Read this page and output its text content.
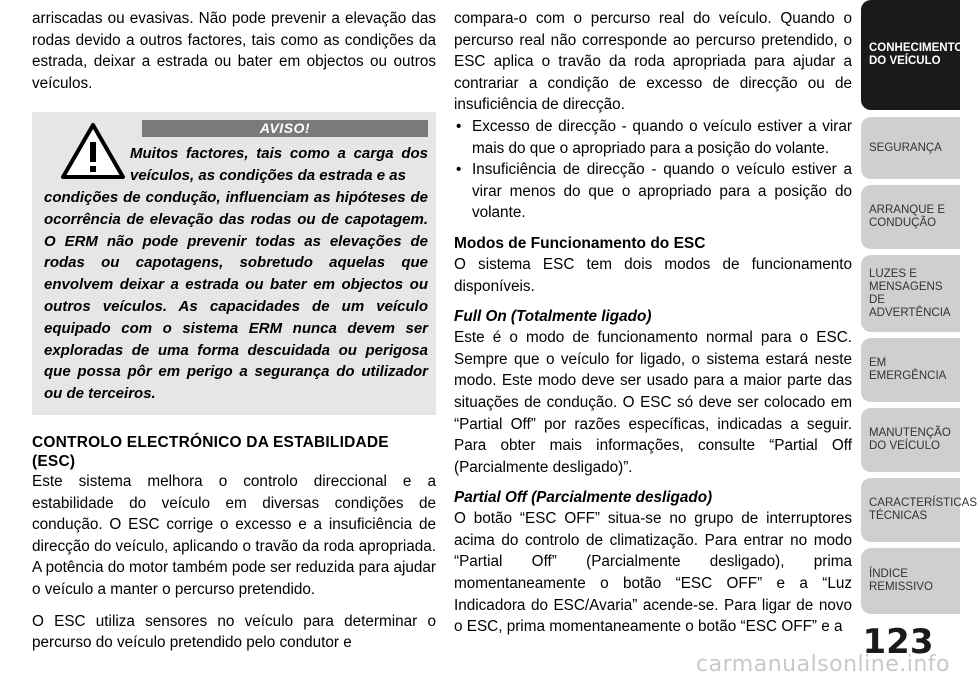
arriscadas ou evasivas. Não pode prevenir a elevação das rodas devido a outros factores, tais como as condições da estrada, deixar a estrada ou bater em objectos ou outros veículos.

AVISO!
Muitos factores, tais como a carga dos veículos, as condições da estrada e as
condições de condução, influenciam as hipóteses de ocorrência de elevação das rodas ou de capotagem. O ERM não pode prevenir todas as elevações de rodas ou capotagens, sobretudo aquelas que envolvem deixar a estrada ou bater em objectos ou outros veículos. As capacidades de um veículo equipado com o sistema ERM nunca devem ser exploradas de uma forma descuidada ou perigosa que possa pôr em perigo a segurança do utilizador ou de terceiros.
CONTROLO ELECTRÓNICO DA ESTABILIDADE (ESC)

Este sistema melhora o controlo direccional e a estabilidade do veículo em diversas condições de condução. O ESC corrige o excesso e a insuficiência de direcção do veículo, aplicando o travão da roda apropriada. A potência do motor também pode ser reduzida para ajudar o veículo a manter o percurso pretendido.

O ESC utiliza sensores no veículo para determinar o percurso do veículo pretendido pelo condutor e

compara-o com o percurso real do veículo. Quando o percurso real não corresponde ao percurso pretendido, o ESC aplica o travão da roda apropriada para ajudar a contrariar a condição de excesso de direcção ou de insuficiência de direcção.

• Excesso de direcção - quando o veículo estiver a virar mais do que o apropriado para a posição do volante.
• Insuficiência de direcção - quando o veículo estiver a virar menos do que o apropriado para a posição do volante.
Modos de Funcionamento do ESC

O sistema ESC tem dois modos de funcionamento disponíveis.

Full On (Totalmente ligado)

Este é o modo de funcionamento normal para o ESC. Sempre que o veículo for ligado, o sistema estará neste modo. Este modo deve ser usado para a maior parte das situações de condução. O ESC só deve ser colocado em “Partial Off” por razões específicas, indicadas a seguir. Para obter mais informações, consulte “Partial Off (Parcialmente desligado)”.

Partial Off (Parcialmente desligado)

O botão “ESC OFF” situa-se no grupo de interruptores acima do controlo de climatização. Para entrar no modo “Partial Off” (Parcialmente desligado), prima momentaneamente o botão “ESC OFF” e a “Luz Indicadora do ESC/Avaria” acende-se. Para ligar de novo o ESC, prima momentaneamente o botão “ESC OFF” e a

CONHECIMENTO DO VEÍCULO
SEGURANÇA
ARRANQUE E CONDUÇÃO
LUZES E MENSAGENS DE ADVERTÊNCIA
EM EMERGÊNCIA
MANUTENÇÃO DO VEÍCULO
CARACTERÍSTICAS TÉCNICAS
ÍNDICE REMISSIVO
123
carmanualsonline.info
